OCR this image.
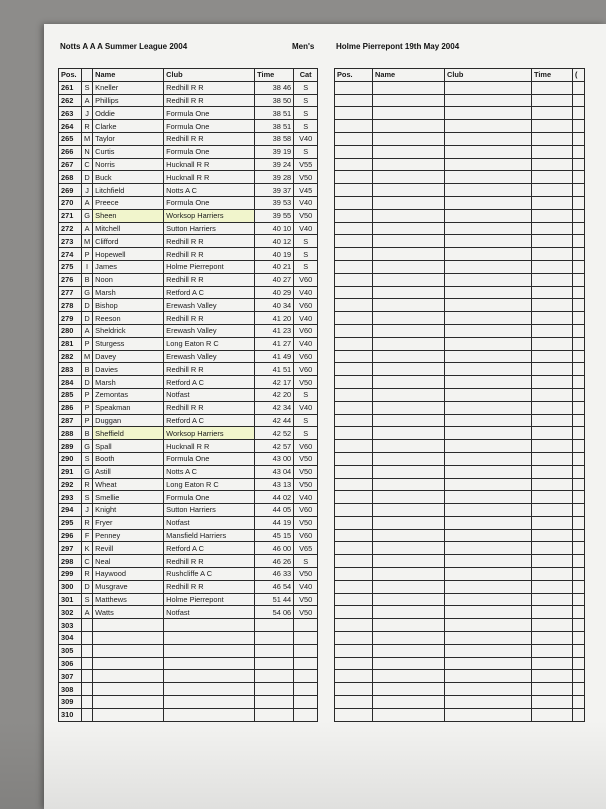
Notts A A A Summer League 2004	Men's	Holme Pierrepont 19th May 2004
Pos.		Name	Club	Time	Cat
261	S	Kneller	Redhill R R	38 46	S
262	A	Phillips	Redhill R R	38 50	S
263	J	Oddie	Formula One	38 51	S
264	R	Clarke	Formula One	38 51	S
265	M	Taylor	Redhill R R	38 58	V40
266	N	Curtis	Formula One	39 19	S
267	C	Norris	Hucknall R R	39 24	V55
268	D	Buck	Hucknall R R	39 28	V50
269	J	Litchfield	Notts A C	39 37	V45
270	A	Preece	Formula One	39 53	V40
271	G	Sheen	Worksop Harriers	39 55	V50
272	A	Mitchell	Sutton Harriers	40 10	V40
273	M	Clifford	Redhill R R	40 12	S
274	P	Hopewell	Redhill R R	40 19	S
275	I	James	Holme Pierrepont	40 21	S
276	B	Noon	Redhill R R	40 27	V60
277	G	Marsh	Retford A C	40 29	V40
278	D	Bishop	Erewash Valley	40 34	V60
279	D	Reeson	Redhill R R	41 20	V40
280	A	Sheldrick	Erewash Valley	41 23	V60
281	P	Sturgess	Long Eaton R C	41 27	V40
282	M	Davey	Erewash Valley	41 49	V60
283	B	Davies	Redhill R R	41 51	V60
284	D	Marsh	Retford A C	42 17	V50
285	P	Zemontas	Notfast	42 20	S
286	P	Speakman	Redhill R R	42 34	V40
287	P	Duggan	Retford A C	42 44	S
288	B	Sheffield	Worksop Harriers	42 52	S
289	G	Spall	Hucknall R R	42 57	V60
290	S	Booth	Formula One	43 00	V50
291	G	Astill	Notts A C	43 04	V50
292	R	Wheat	Long Eaton R C	43 13	V50
293	S	Smellie	Formula One	44 02	V40
294	J	Knight	Sutton Harriers	44 05	V60
295	R	Fryer	Notfast	44 19	V50
296	F	Penney	Mansfield Harriers	45 15	V60
297	K	Revill	Retford A C	46 00	V65
298	C	Neal	Redhill R R	46 26	S
299	R	Haywood	Rushcliffe A C	46 33	V50
300	D	Musgrave	Redhill R R	46 54	V40
301	S	Matthews	Holme Pierrepont	51 44	V50
302	A	Watts	Notfast	54 06	V50
303					
304					
305					
306					
307					
308					
309					
310					
Pos.	Name	Club	Time	(
